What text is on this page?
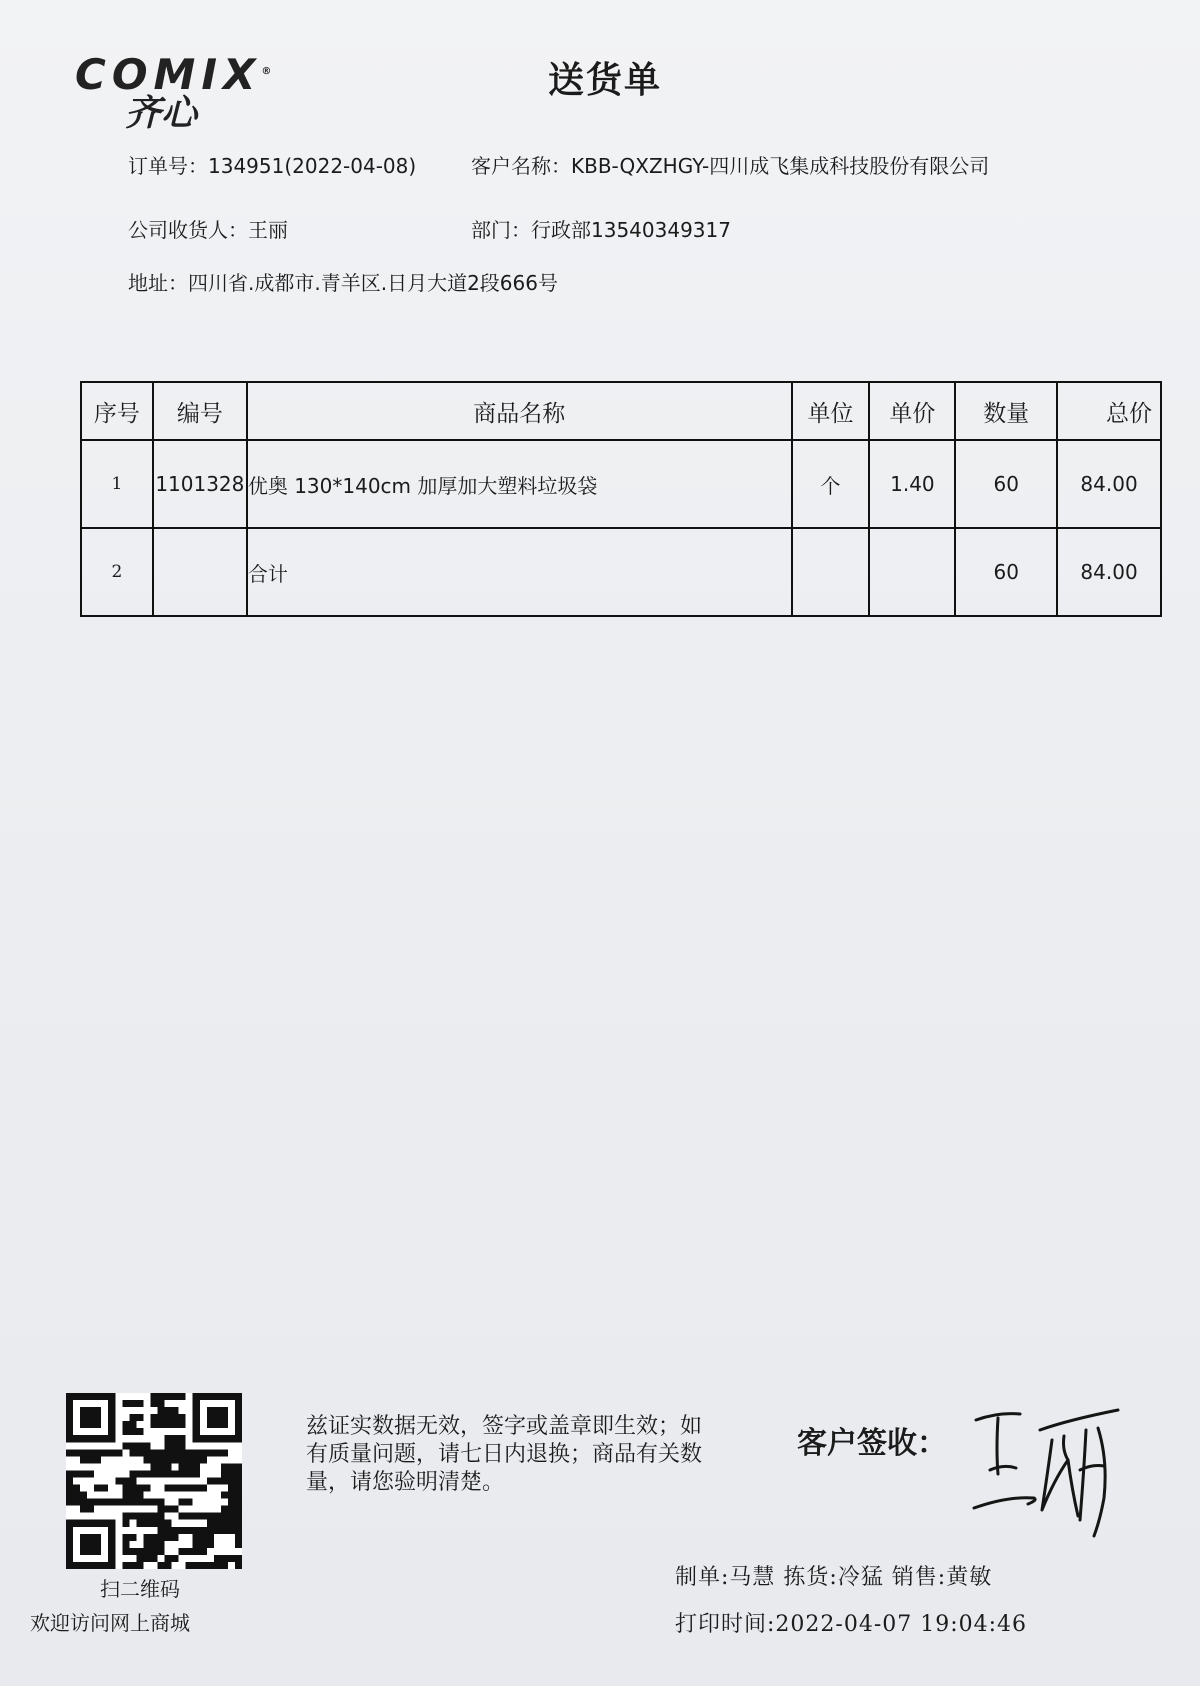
COMIX®
齐心
送货单
订单号：134951(2022-04-08)	客户名称：KBB-QXZHGY-四川成飞集成科技股份有限公司
公司收货人：王丽	部门：行政部13540349317
地址：四川省.成都市.青羊区.日月大道2段666号
序号	编号	商品名称	单位	单价	数量	总价
1	1101328	优奥 130*140cm 加厚加大塑料垃圾袋	个	1.40	60	84.00
2		合计			60	84.00
扫二维码
欢迎访问网上商城
兹证实数据无效，签字或盖章即生效；如有质量问题，请七日内退换；商品有关数量，请您验明清楚。
客户签收：
制单:马慧 拣货:冷猛 销售:黄敏
打印时间:2022-04-07 19:04:46
